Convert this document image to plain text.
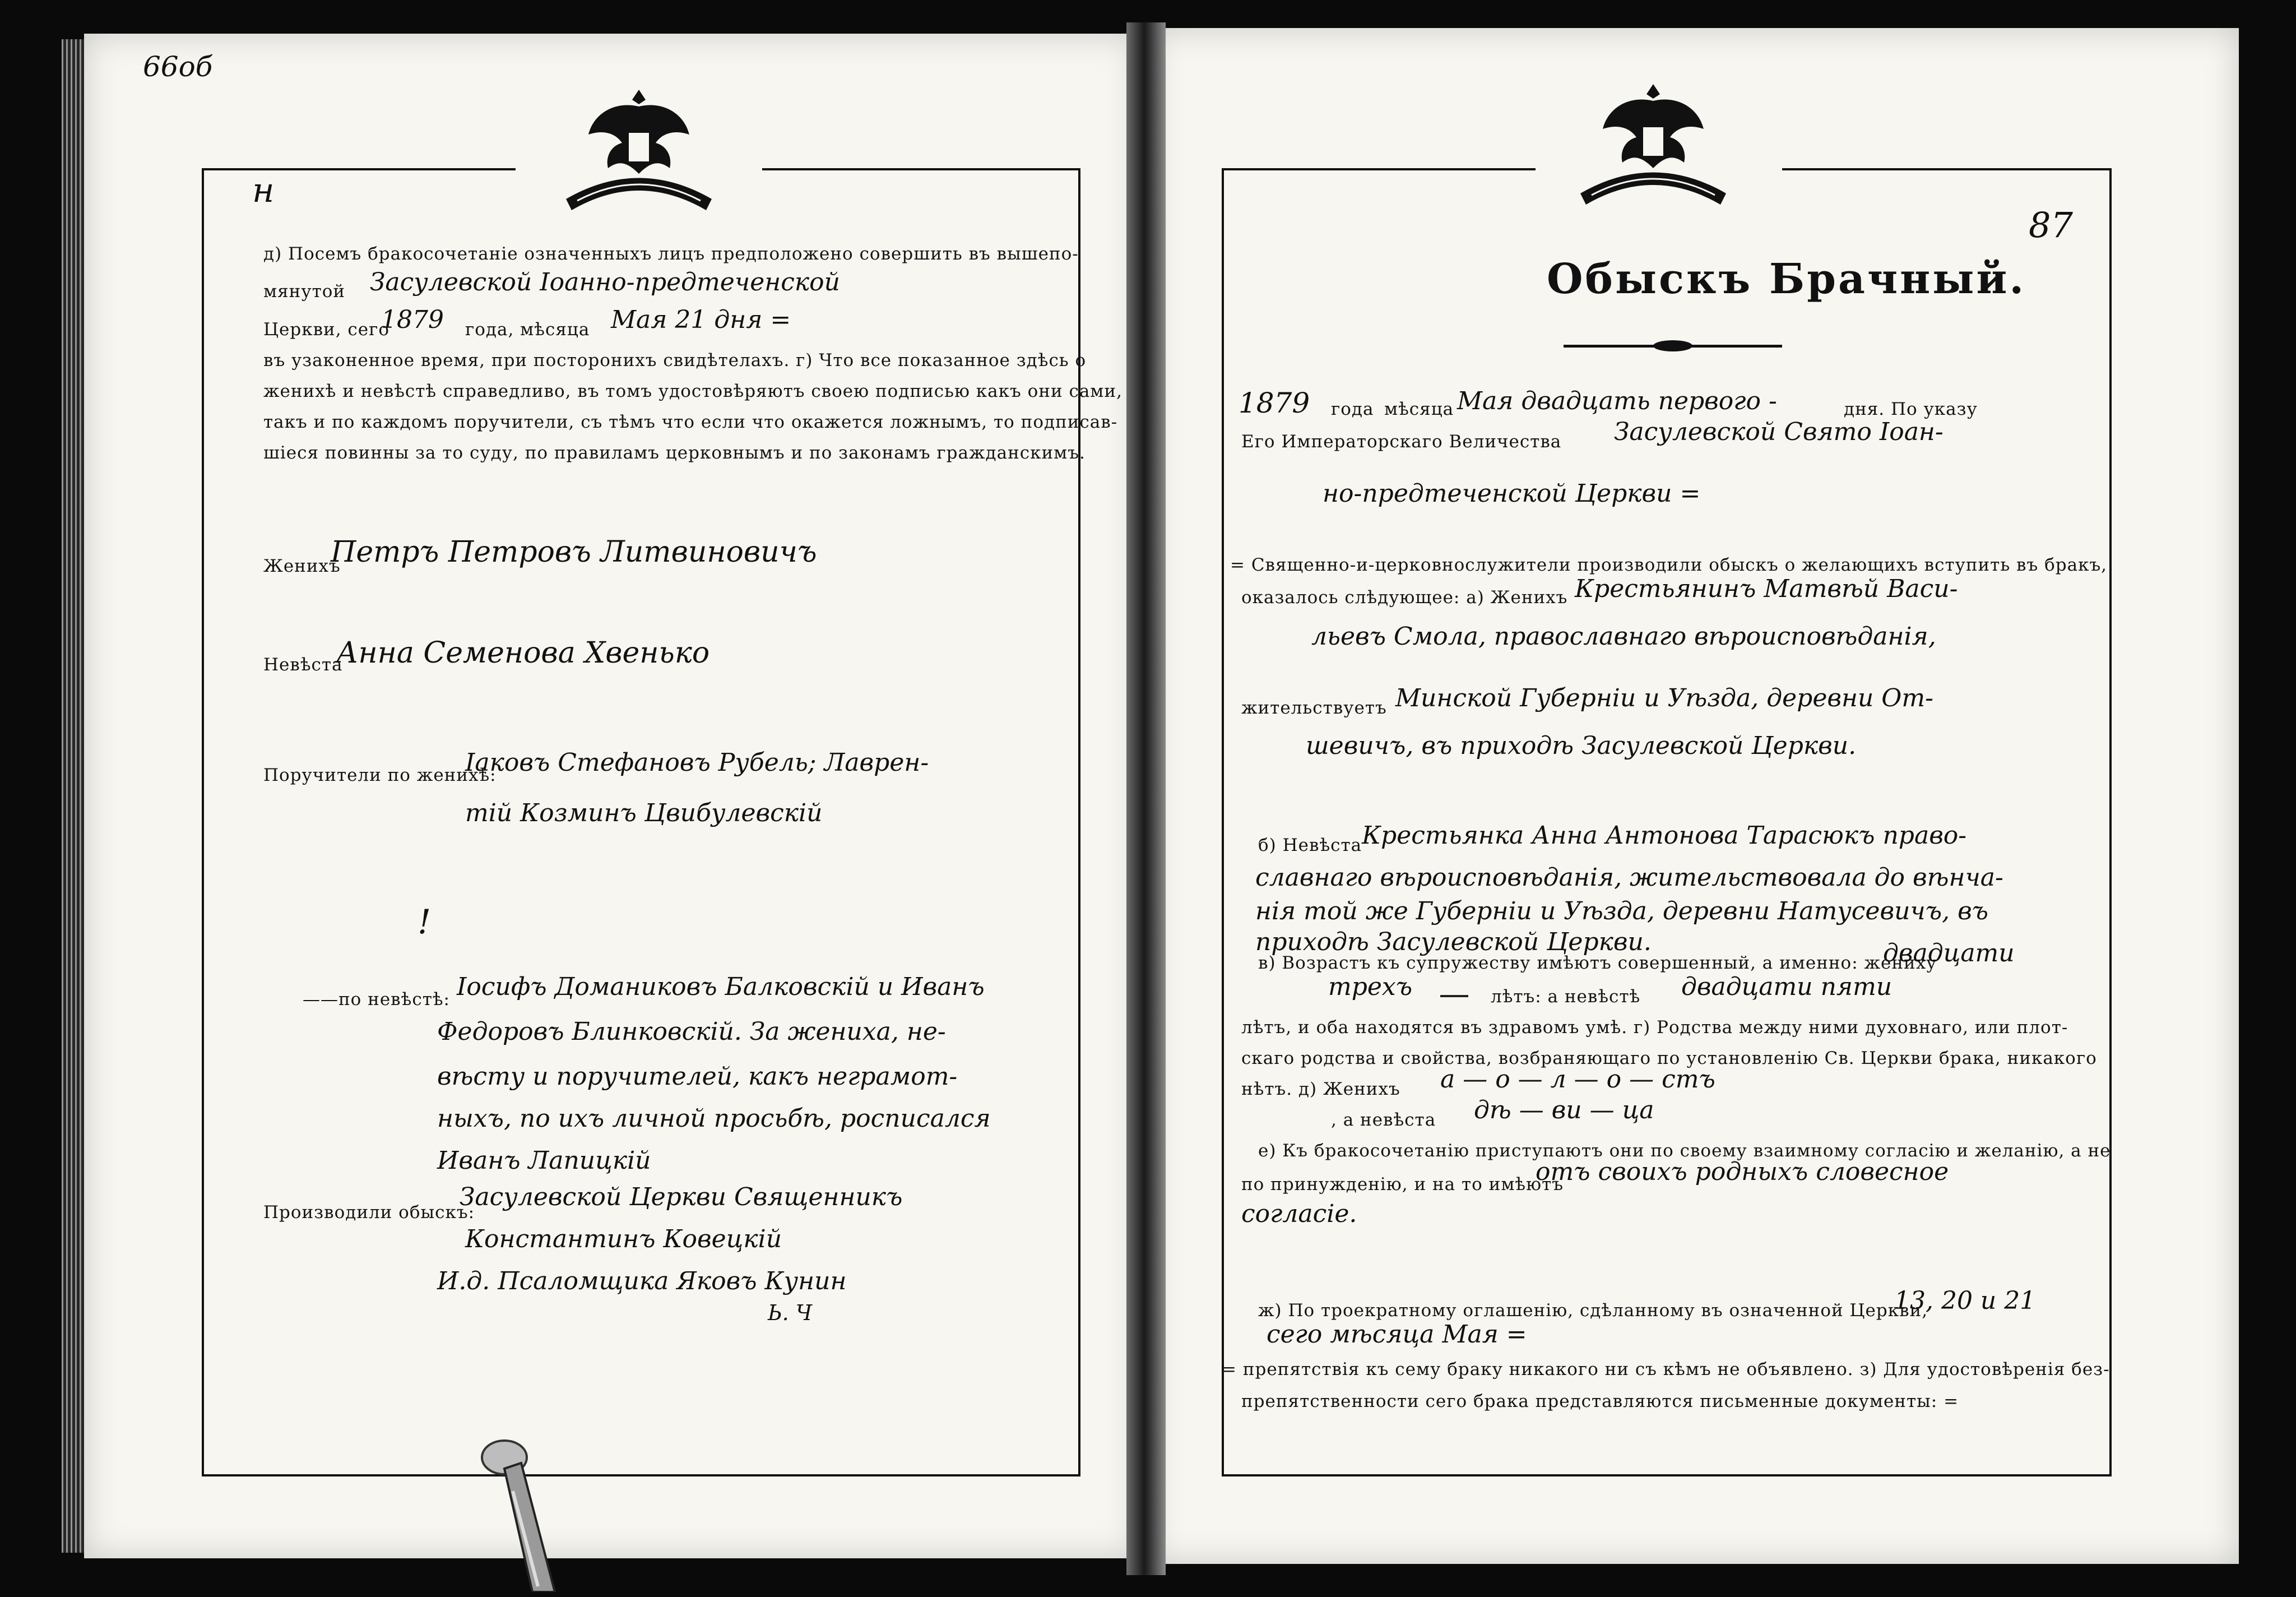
66об
н
д) Посемъ бракосочетаніе означенныхъ лицъ предположено совершить въ вышепо-
мянутой Засулевской Іоанно-предтеченской
Церкви, сего
1879 года, мѣсяца Мая 21 дня =
въ узаконенное время, при посторонихъ свидѣтелахъ. г) Что все показанное здѣсь о
женихѣ и невѣстѣ справедливо, въ томъ удостовѣряютъ своею подписью какъ они сами,
такъ и по каждомъ поручители, съ тѣмъ что если что окажется ложнымъ, то подписав-
шіеся повинны за то суду, по правиламъ церковнымъ и по законамъ гражданскимъ.
Женихъ
Петръ Петровъ Литвиновичъ
Невѣста
Анна Семенова Хвенько
Поручители по женихѣ:
Іаковъ Стефановъ Рубель; Лаврен-
тій Козминъ Цвибулевскій
!
——по невѣстѣ: Іосифъ Доманиковъ Балковскій и Иванъ
Федоровъ Блинковскій. За жениха, не-
вѣсту и поручителей, какъ неграмот-
ныхъ, по ихъ личной просьбѣ, росписался
Иванъ Лапицкій
Производили обыскъ:
Засулевской Церкви Священникъ
Константинъ Ковецкій
И.д. Псаломщика Яковъ Кунин
Ь. Ч
87
Обыскъ Брачный.
1879 года мѣсяца Мая двадцать первого -	дня. По указу
Его Императорскаго Величества Засулевской Свято Іоан-
но-предтеченской Церкви =
= Священно-и-церковнослужители производили обыскъ о желающихъ вступить въ бракъ,
оказалось слѣдующее: а) Женихъ Крестьянинъ Матвѣй Васи-
льевъ Смола, православнаго вѣроисповѣданія,
жительствуетъ Минской Губерніи и Уѣзда, деревни От-
шевичъ, въ приходѣ Засулевской Церкви.
б) Невѣста Крестьянка Анна Антонова Тарасюкъ право-
славнаго вѣроисповѣданія, жительствовала до вѣнча-
нія той же Губерніи и Уѣзда, деревни Натусевичъ, въ
приходѣ Засулевской Церкви.
в) Возрастъ къ супружеству имѣютъ совершенный, а именно: жениху
двадцати
трехъ	лѣтъ: а невѣстѣ двадцати пяти
лѣтъ, и оба находятся въ здравомъ умѣ. г) Родства между ними духовнаго, или плот-
скаго родства и свойства, возбраняющаго по установленію Св. Церкви брака, никакого
нѣтъ. д) Женихъ а — о — л — о — стъ
, а невѣста дѣ — ви — ца
е) Къ бракосочетанію приступаютъ они по своему взаимному согласію и желанію, а не
по принужденію, и на то имѣютъ
отъ своихъ родныхъ словесное
согласіе.
ж) По троекратному оглашенію, сдѣланному въ означенной Церкви,
13, 20 и 21
сего мѣсяца Мая =
= препятствія къ сему браку никакого ни съ кѣмъ не объявлено. з) Для удостовѣренія без-
препятственности сего брака представляются письменные документы: =
